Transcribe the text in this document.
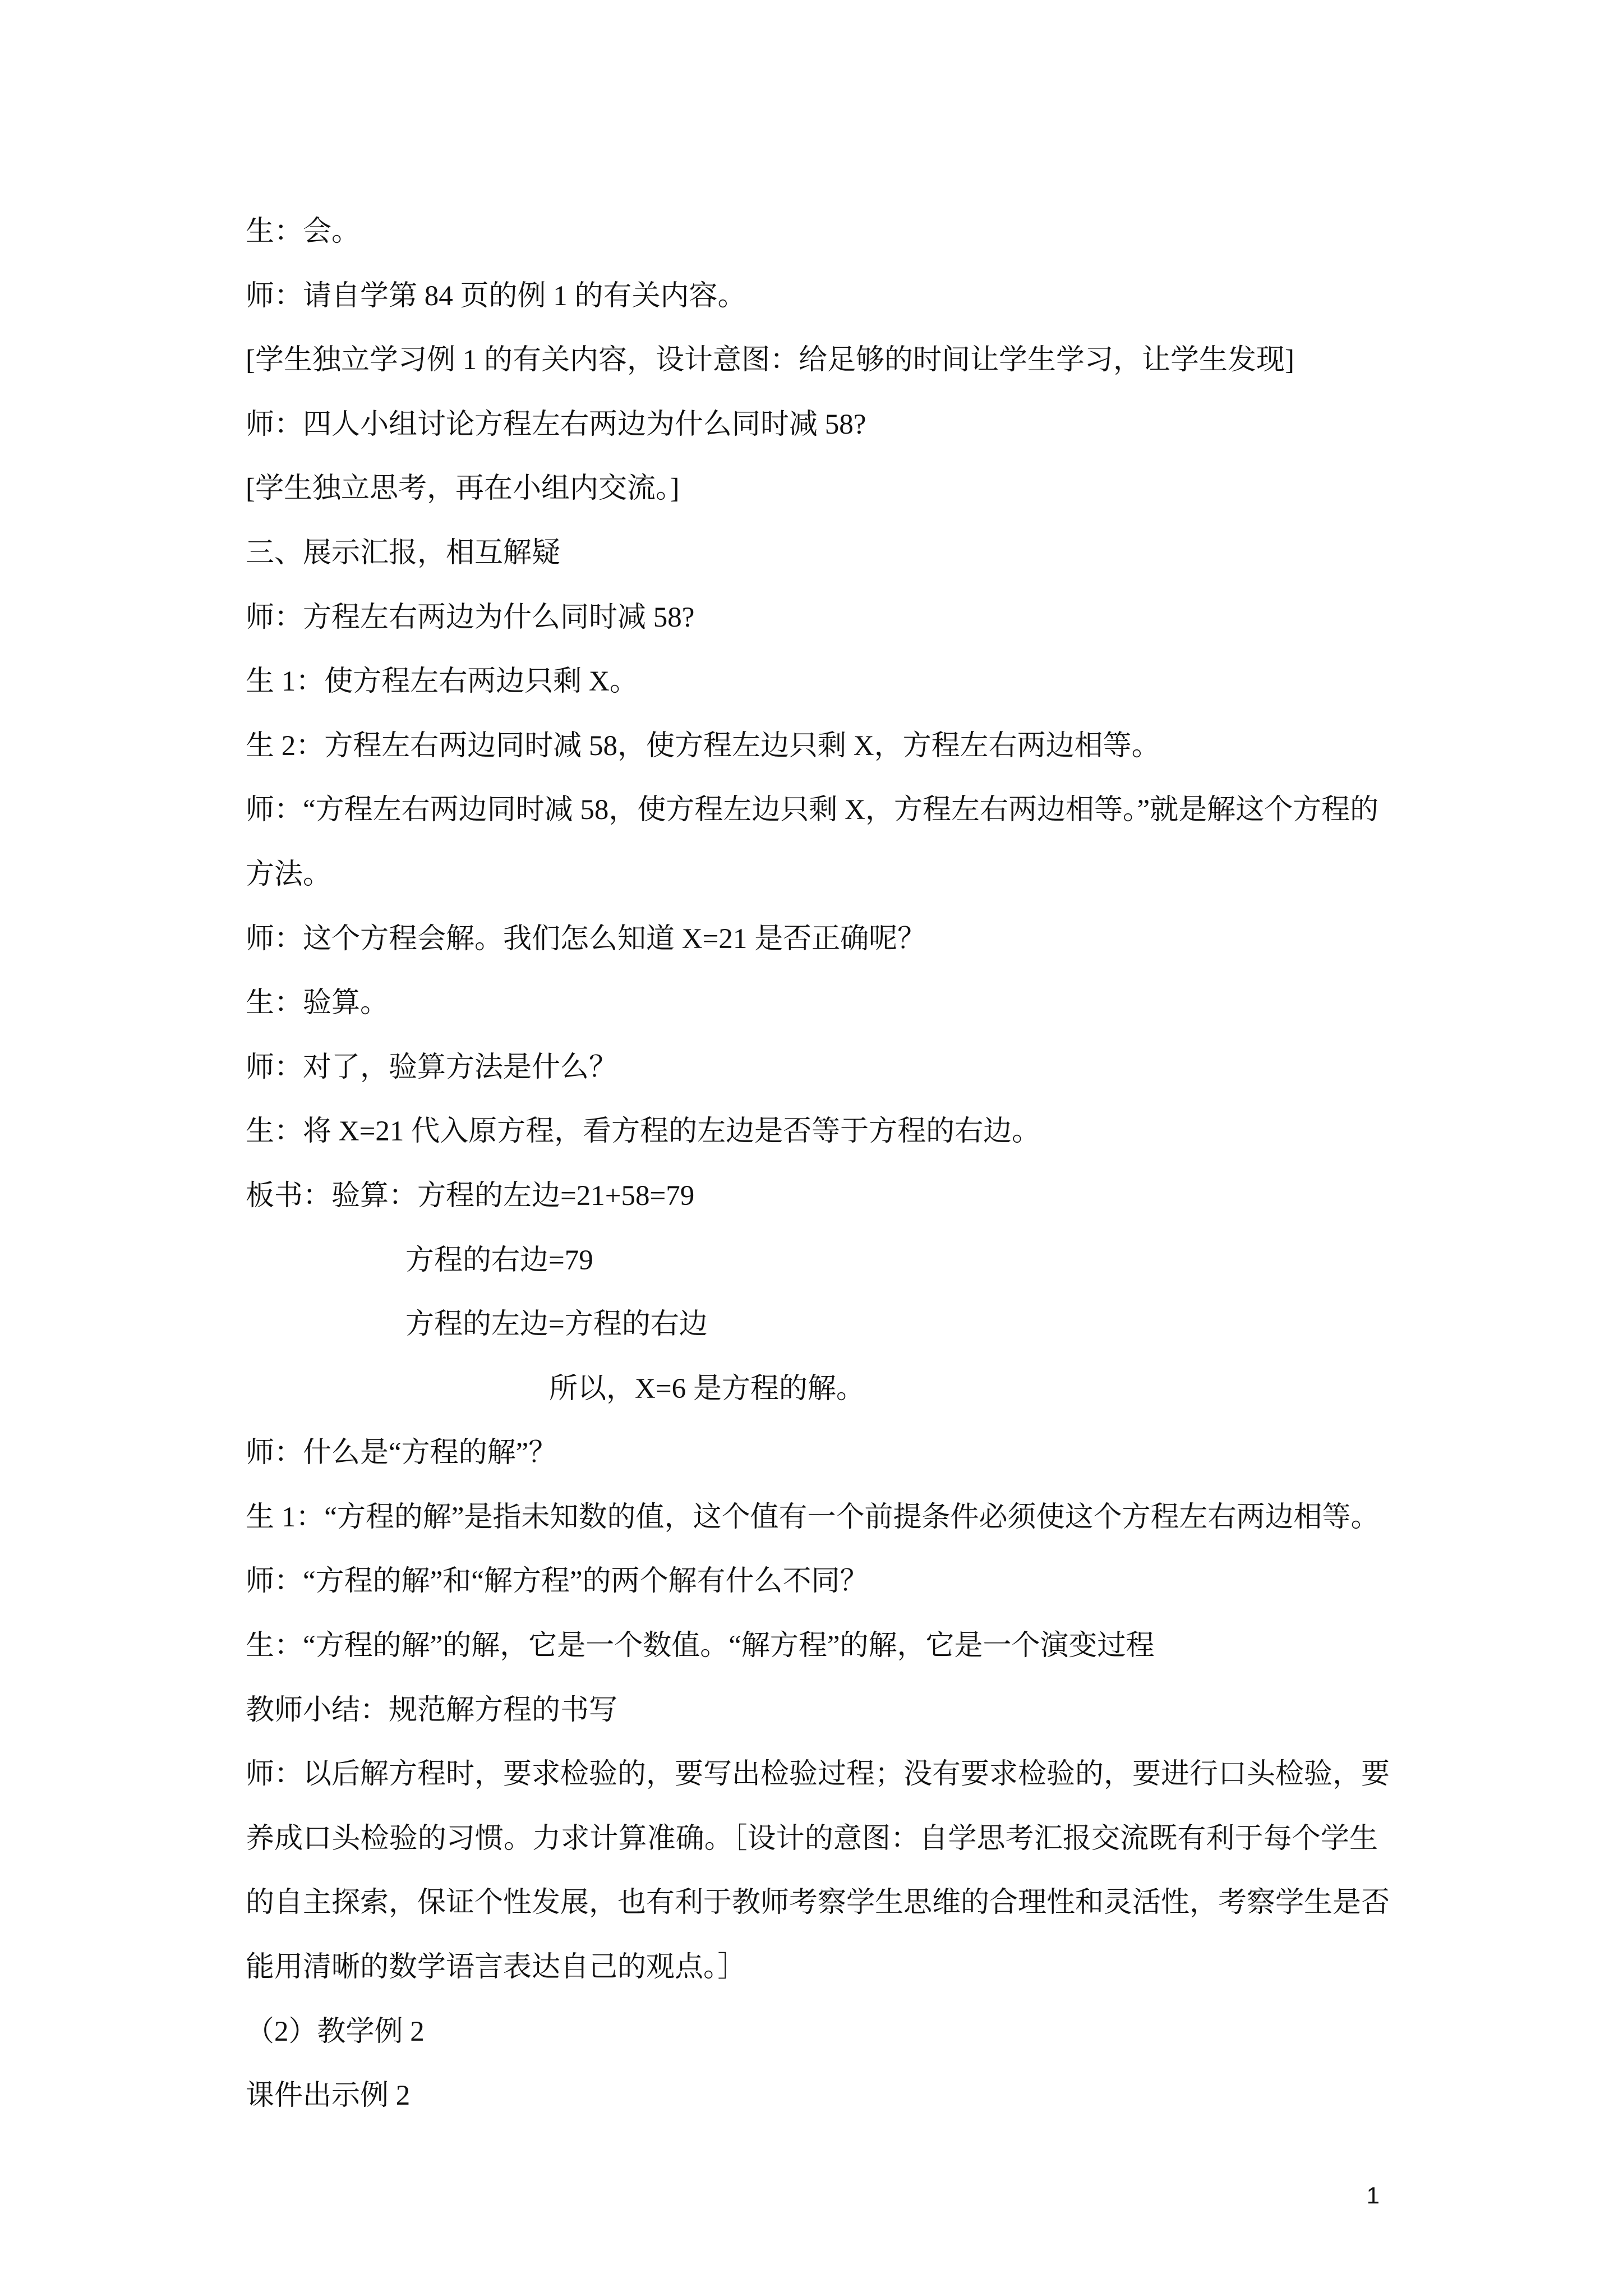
生：会。
师：请自学第 84 页的例 1 的有关内容。
[学生独立学习例 1 的有关内容，设计意图：给足够的时间让学生学习，让学生发现]
师：四人小组讨论方程左右两边为什么同时减 58?
[学生独立思考，再在小组内交流。]
三、展示汇报，相互解疑
师：方程左右两边为什么同时减 58?
生 1：使方程左右两边只剩 X。
生 2：方程左右两边同时减 58，使方程左边只剩 X，方程左右两边相等。
师：“方程左右两边同时减 58，使方程左边只剩 X，方程左右两边相等。”就是解这个方程的
方法。
师：这个方程会解。我们怎么知道 X=21 是否正确呢？
生：验算。
师：对了，验算方法是什么？
生：将 X=21 代入原方程，看方程的左边是否等于方程的右边。
板书：验算：方程的左边=21+58=79
方程的右边=79
方程的左边=方程的右边
所以，X=6 是方程的解。
师：什么是“方程的解”？
生 1：“方程的解”是指未知数的值，这个值有一个前提条件必须使这个方程左右两边相等。
师：“方程的解”和“解方程”的两个解有什么不同？
生：“方程的解”的解，它是一个数值。“解方程”的解，它是一个演变过程
教师小结：规范解方程的书写
师：以后解方程时，要求检验的，要写出检验过程；没有要求检验的，要进行口头检验，要
养成口头检验的习惯。力求计算准确。［设计的意图：自学思考汇报交流既有利于每个学生
的自主探索，保证个性发展，也有利于教师考察学生思维的合理性和灵活性，考察学生是否
能用清晰的数学语言表达自己的观点。］
（2）教学例 2
课件出示例 2
1
